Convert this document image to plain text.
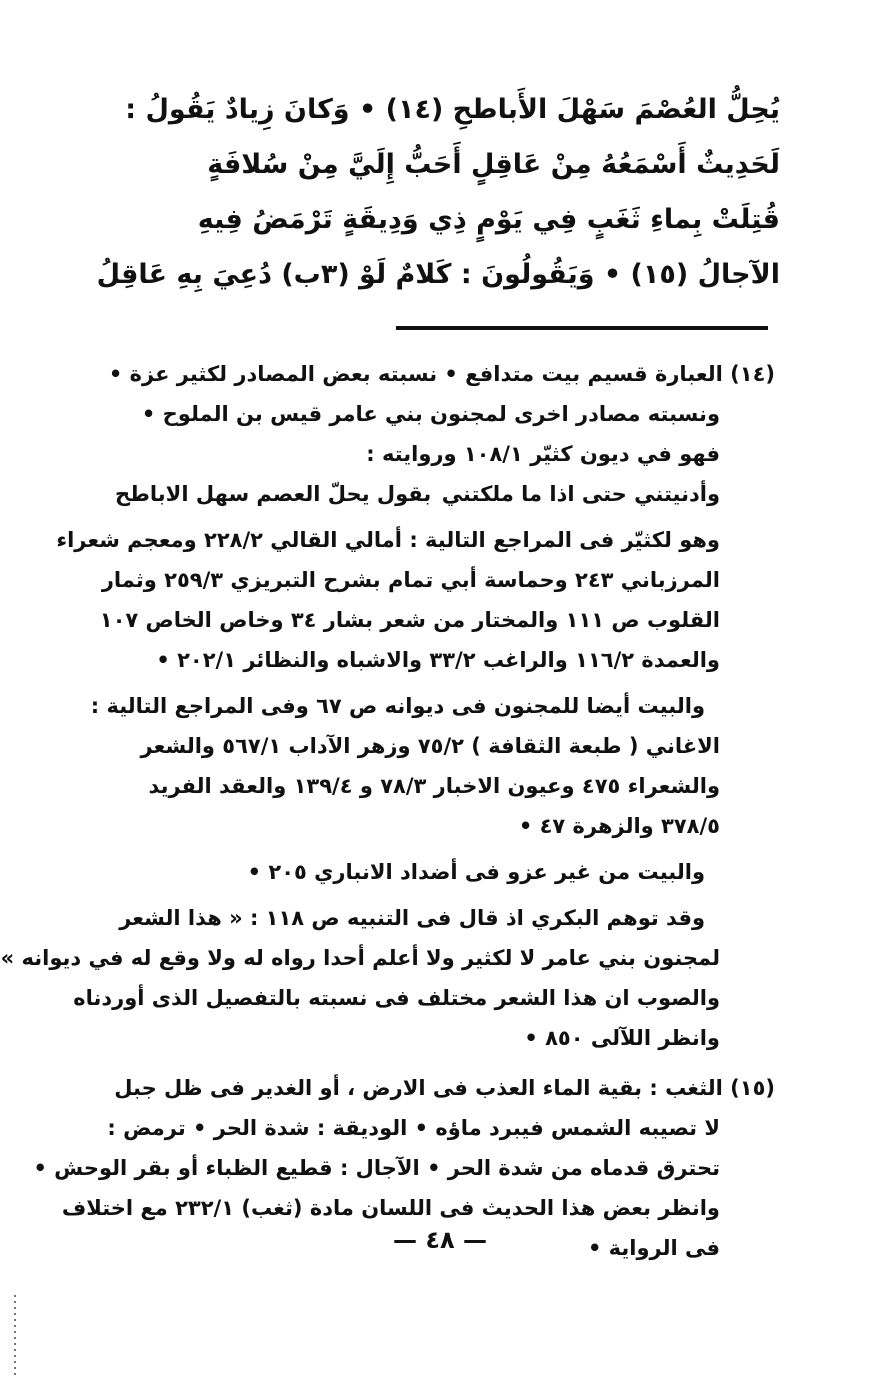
يُحِلُّ العُصْمَ سَهْلَ الأَباطحِ (١٤) • وَكانَ زِيادٌ يَقُولُ :
لَحَدِيثٌ أَسْمَعُهُ مِنْ عَاقِلٍ أَحَبُّ إِلَيَّ مِنْ سُلافَةٍ
قُتِلَتْ بِماءِ ثَغَبٍ فِي يَوْمٍ ذِي وَدِيقَةٍ تَرْمَضُ فِيهِ
الآجالُ (١٥) • وَيَقُولُونَ : كَلامٌ لَوْ (٣ب) دُعِيَ بِهِ عَاقِلُ
(١٤) العبارة قسيم بيت متدافع • نسبته بعض المصادر لكثير عزة •
ونسبته مصادر اخرى لمجنون بني عامر قيس بن الملوح •
فهو في ديون كثيّر ١٠٨/١ وروايته :
وأدنيتني حتى اذا ما ملكتني
بقول يحلّ العصم سهل الاباطح
وهو لكثيّر فى المراجع التالية : أمالي القالي ٢٢٨/٢ ومعجم شعراء
المرزباني ٢٤٣ وحماسة أبي تمام بشرح التبريزي ٢٥٩/٣ وثمار
القلوب ص ١١١ والمختار من شعر بشار ٣٤ وخاص الخاص ١٠٧
والعمدة ١١٦/٢ والراغب ٣٣/٢ والاشباه والنظائر ٢٠٢/١ •
والبيت أيضا للمجنون فى ديوانه ص ٦٧ وفى المراجع التالية :
الاغاني ( طبعة الثقافة ) ٧٥/٢ وزهر الآداب ٥٦٧/١ والشعر
والشعراء ٤٧٥ وعيون الاخبار ٧٨/٣ و ١٣٩/٤ والعقد الفريد
٣٧٨/٥ والزهرة ٤٧ •
والبيت من غير عزو فى أضداد الانباري ٢٠٥ •
وقد توهم البكري اذ قال فى التنبيه ص ١١٨ : « هذا الشعر
لمجنون بني عامر لا لكثير ولا أعلم أحدا رواه له ولا وقع له في ديوانه »
والصوب ان هذا الشعر مختلف فى نسبته بالتفصيل الذى أوردناه
وانظر اللآلى ٨٥٠ •
(١٥) الثغب : بقية الماء العذب فى الارض ، أو الغدير فى ظل جبل
لا تصيبه الشمس فيبرد ماؤه • الوديقة : شدة الحر • ترمض :
تحترق قدماه من شدة الحر • الآجال : قطيع الظباء أو بقر الوحش •
وانظر بعض هذا الحديث فى اللسان مادة (ثغب) ٢٣٢/١ مع اختلاف
فى الرواية •
— ٤٨ —
